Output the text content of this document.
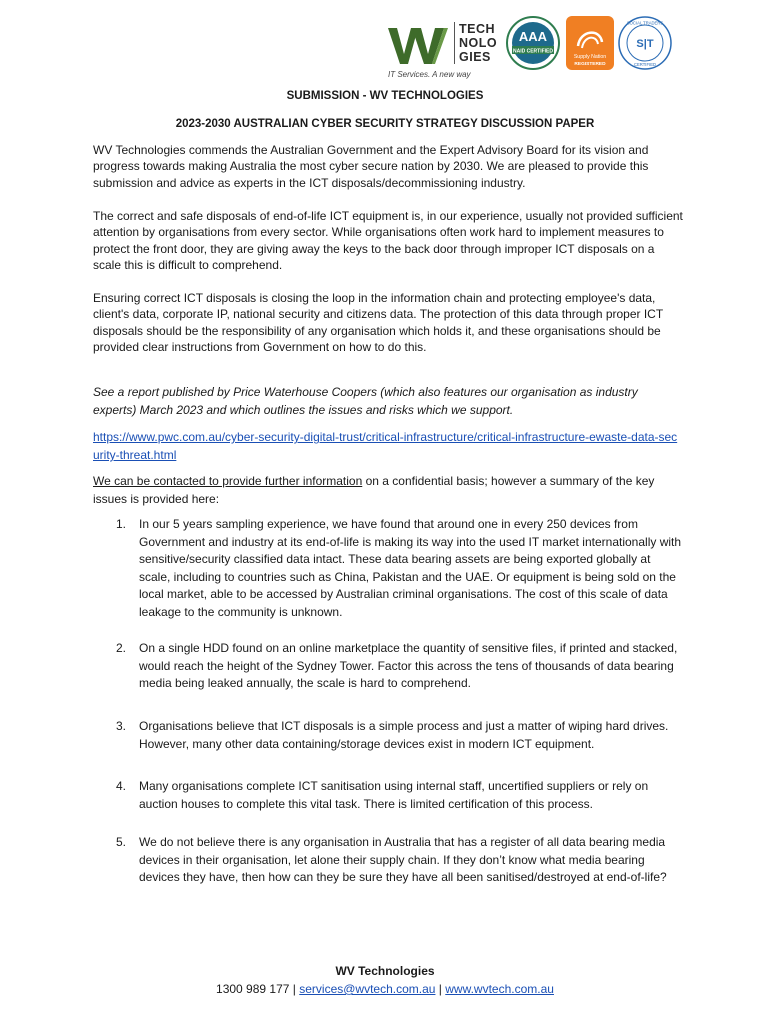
TECH
NOLO
GIES
IT Services. A new way
AAA
NAID CERTIFIED
Supply Nation
REGISTERED
S|T
SOCIAL TRADERS
CERTIFIED
SUBMISSION - WV TECHNOLOGIES
2023-2030 AUSTRALIAN CYBER SECURITY STRATEGY DISCUSSION PAPER

WV Technologies commends the Australian Government and the Expert Advisory Board for its vision and progress towards making Australia the most cyber secure nation by 2030. We are pleased to provide this submission and advice as experts in the ICT disposals/decommissioning industry.

The correct and safe disposals of end-of-life ICT equipment is, in our experience, usually not provided sufficient attention by organisations from every sector. While organisations often work hard to implement measures to protect the front door, they are giving away the keys to the back door through improper ICT disposals on a scale this is difficult to comprehend.

Ensuring correct ICT disposals is closing the loop in the information chain and protecting employee's data, client's data, corporate IP, national security and citizens data. The protection of this data through proper ICT disposals should be the responsibility of any organisation which holds it, and these organisations should be provided clear instructions from Government on how to do this.

See a report published by Price Waterhouse Coopers (which also features our organisation as industry experts) March 2023 and which outlines the issues and risks which we support.

https://www.pwc.com.au/cyber-security-digital-trust/critical-infrastructure/critical-infrastructure-ewaste-data-security-threat.html

We can be contacted to provide further information on a confidential basis; however a summary of the key issues is provided here:

1. In our 5 years sampling experience, we have found that around one in every 250 devices from Government and industry at its end-of-life is making its way into the used IT market internationally with sensitive/security classified data intact. These data bearing assets are being exported globally at scale, including to countries such as China, Pakistan and the UAE. Or equipment is being sold on the local market, able to be accessed by Australian criminal organisations. The cost of this scale of data leakage to the community is unknown.
2. On a single HDD found on an online marketplace the quantity of sensitive files, if printed and stacked, would reach the height of the Sydney Tower. Factor this across the tens of thousands of data bearing media being leaked annually, the scale is hard to comprehend.
3. Organisations believe that ICT disposals is a simple process and just a matter of wiping hard drives. However, many other data containing/storage devices exist in modern ICT equipment.
4. Many organisations complete ICT sanitisation using internal staff, uncertified suppliers or rely on auction houses to complete this vital task. There is limited certification of this process.
5. We do not believe there is any organisation in Australia that has a register of all data bearing media devices in their organisation, let alone their supply chain. If they don’t know what media bearing devices they have, then how can they be sure they have all been sanitised/destroyed at end-of-life?
WV Technologies
1300 989 177 | services@wvtech.com.au | www.wvtech.com.au
